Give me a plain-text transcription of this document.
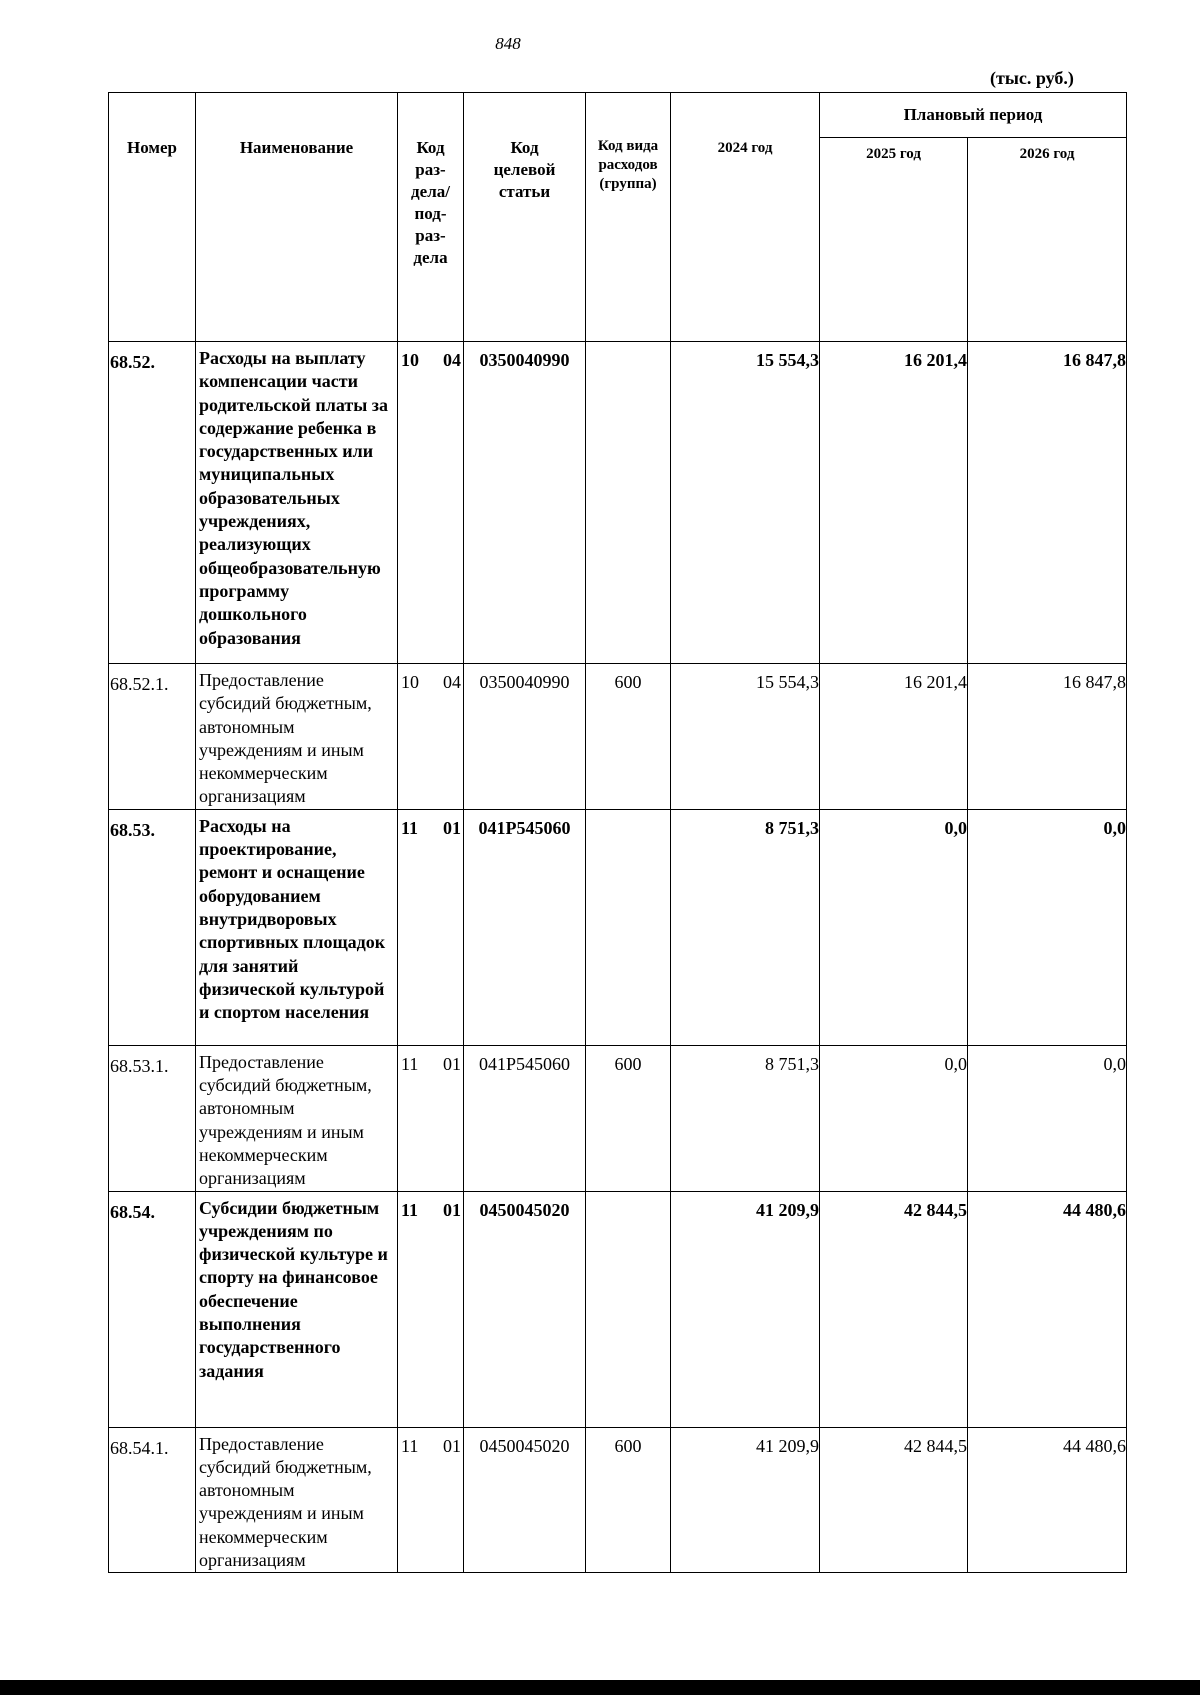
848
(тыс. руб.)
Номер	Наименование	Код раз- дела/ под- раз- дела	Код целевой статьи	Код вида расходов (группа)	2024 год	Плановый период	
						2025 год	2026 год
68.52.	Расходы на выплату компенсации части родительской платы за содержание ребенка в государственных или муниципальных образовательных учреждениях, реализующих общеобразовательную программу дошкольного образования	10 04	0350040990		15 554,3	16 201,4	16 847,8
68.52.1.	Предоставление субсидий бюджетным, автономным учреждениям и иным некоммерческим организациям	10 04	0350040990	600	15 554,3	16 201,4	16 847,8
68.53.	Расходы на проектирование, ремонт и оснащение оборудованием внутридворовых спортивных площадок для занятий физической культурой и спортом населения	11 01	041P545060		8 751,3	0,0	0,0
68.53.1.	Предоставление субсидий бюджетным, автономным учреждениям и иным некоммерческим организациям	11 01	041P545060	600	8 751,3	0,0	0,0
68.54.	Субсидии бюджетным учреждениям по физической культуре и спорту на финансовое обеспечение выполнения государственного задания	11 01	0450045020		41 209,9	42 844,5	44 480,6
68.54.1.	Предоставление субсидий бюджетным, автономным учреждениям и иным некоммерческим организациям	11 01	0450045020	600	41 209,9	42 844,5	44 480,6
